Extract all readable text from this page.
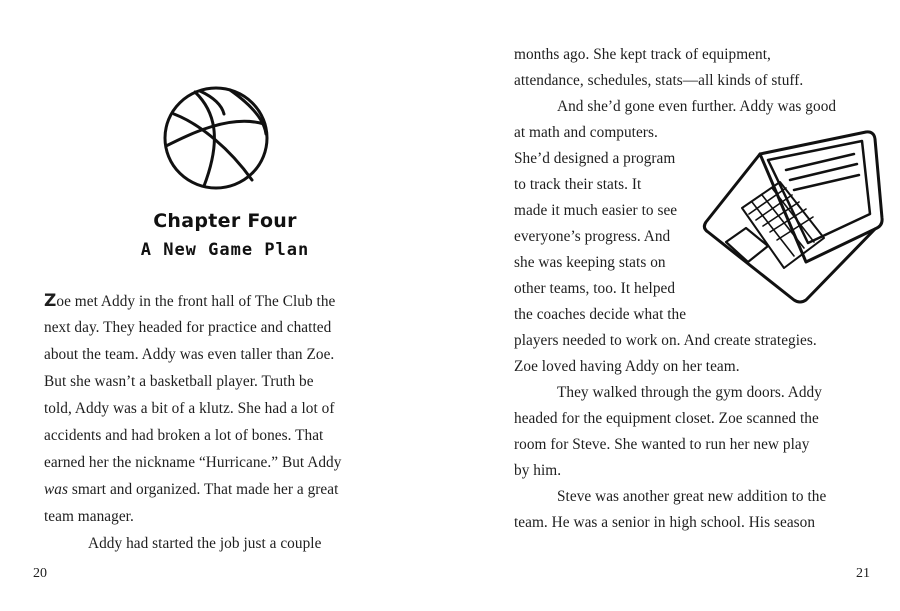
Chapter Four
A New Game Plan
Zoe met Addy in the front hall of The Club the
next day. They headed for practice and chatted
about the team. Addy was even taller than Zoe.
But she wasn’t a basketball player. Truth be
told, Addy was a bit of a klutz. She had a lot of
accidents and had broken a lot of bones. That
earned her the nickname “Hurricane.” But Addy
was smart and organized. That made her a great
team manager.
Addy had started the job just a couple
20
months ago. She kept track of equipment,
attendance, schedules, stats—all kinds of stuff.
And she’d gone even further. Addy was good
at math and computers.
She’d designed a program
to track their stats. It
made it much easier to see
everyone’s progress. And
she was keeping stats on
other teams, too. It helped
the coaches decide what the
players needed to work on. And create strategies.
Zoe loved having Addy on her team.
They walked through the gym doors. Addy
headed for the equipment closet. Zoe scanned the
room for Steve. She wanted to run her new play
by him.
Steve was another great new addition to the
team. He was a senior in high school. His season
21
